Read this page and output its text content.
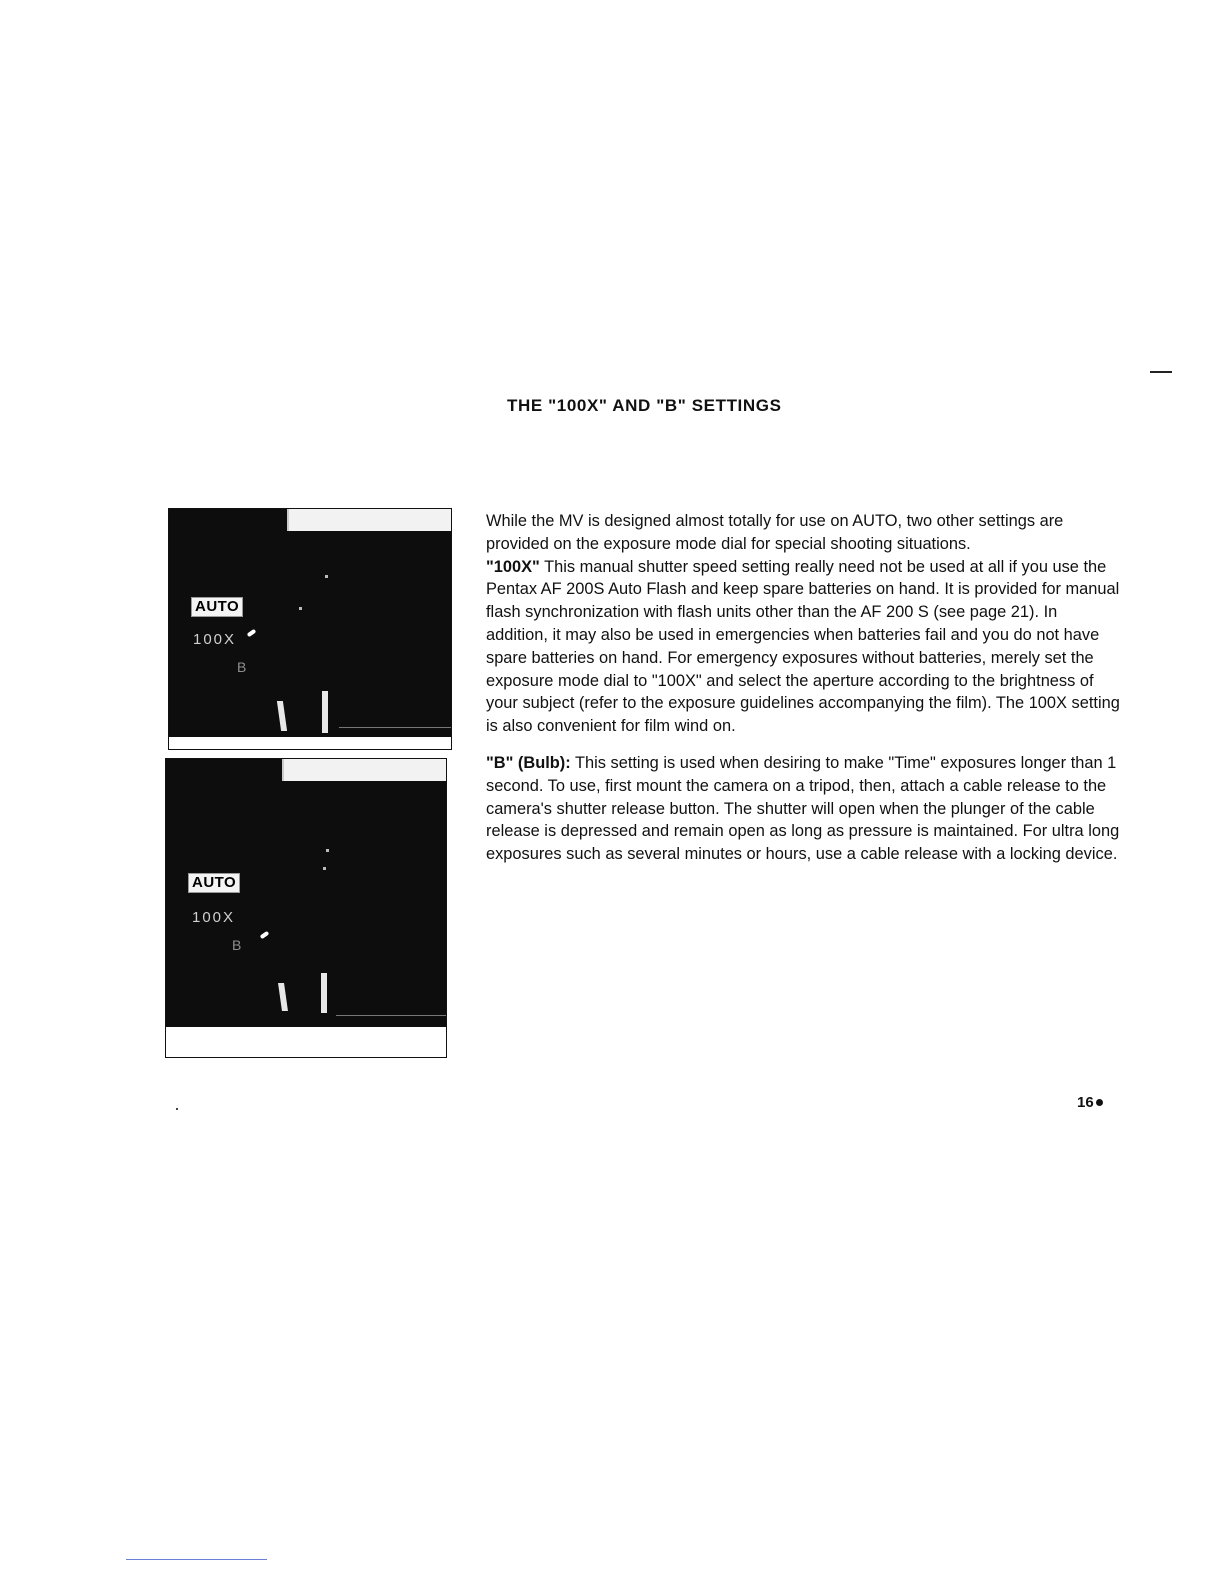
THE "100X" AND "B" SETTINGS
AUTO
100X
B
AUTO
100X
B

While the MV is designed almost totally for use on AUTO, two other settings are provided on the exposure mode dial for special shooting situations.

"100X" This manual shutter speed setting really need not be used at all if you use the Pentax AF 200S Auto Flash and keep spare batteries on hand. It is provided for manual flash synchronization with flash units other than the AF 200 S (see page 21). In addition, it may also be used in emergencies when batteries fail and you do not have spare batteries on hand. For emergency exposures without batteries, merely set the exposure mode dial to "100X" and select the aperture according to the brightness of your subject (refer to the exposure guidelines accompanying the film). The 100X setting is also convenient for film wind on.

"B" (Bulb): This setting is used when desiring to make "Time" exposures longer than 1 second. To use, first mount the camera on a tripod, then, attach a cable release to the camera's shutter release button. The shutter will open when the plunger of the cable release is depressed and remain open as long as pressure is maintained. For ultra long exposures such as several minutes or hours, use a cable release with a locking device.

16
